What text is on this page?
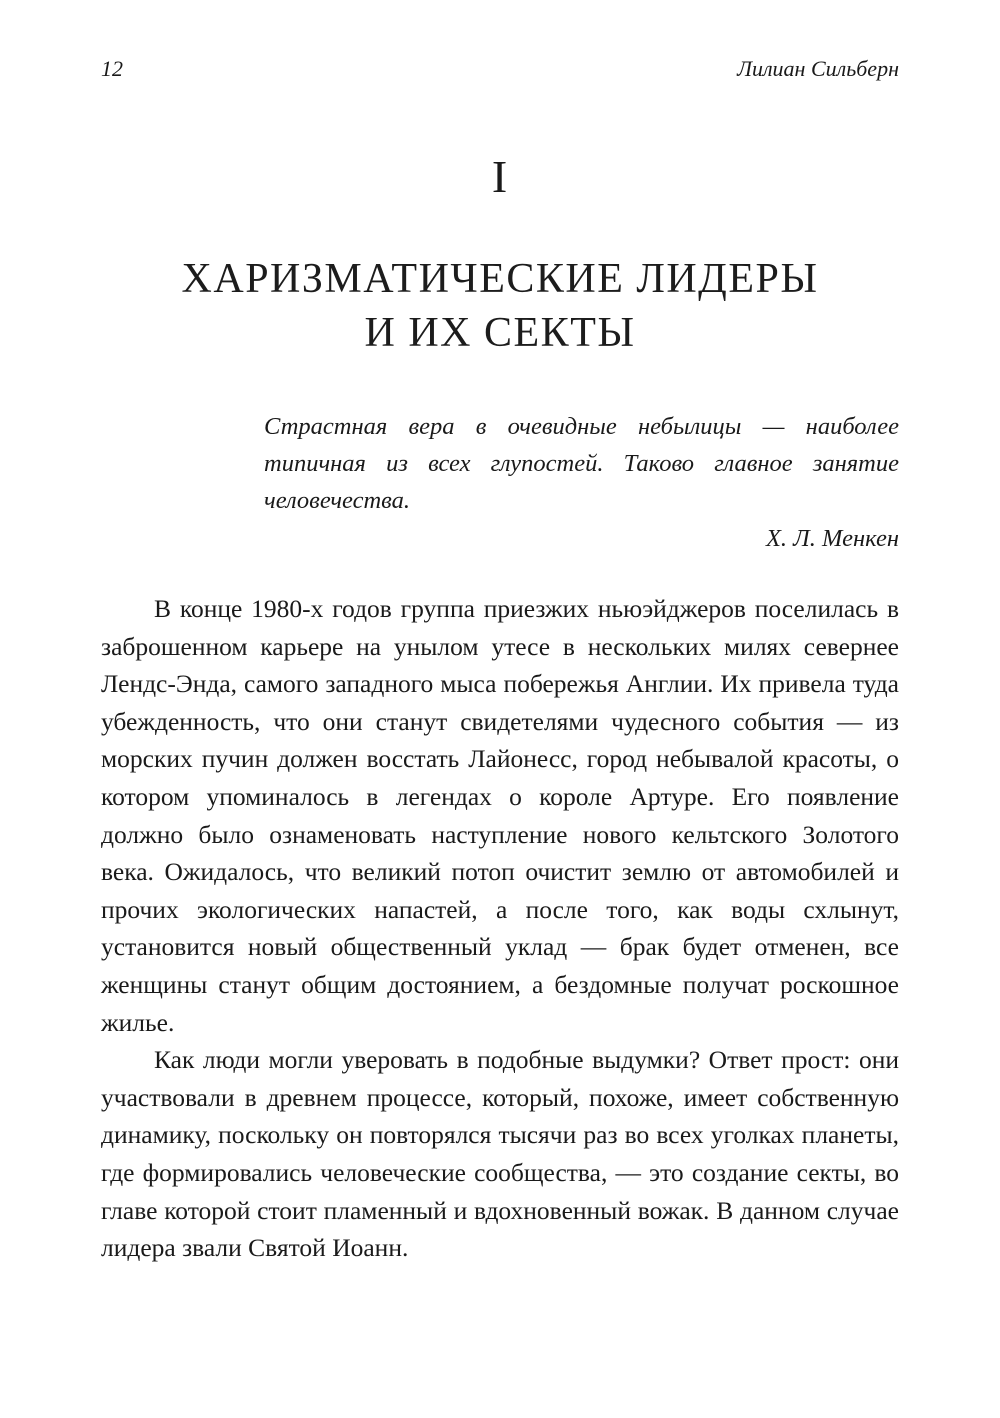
12	Лилиан Сильберн
I
ХАРИЗМАТИЧЕСКИЕ ЛИДЕРЫ
И ИХ СЕКТЫ
Страстная вера в очевидные небылицы — наиболее типичная из всех глупостей. Таково главное занятие человечества.
Х. Л. Менкен

В конце 1980-х годов группа приезжих ньюэйджеров поселилась в заброшенном карьере на унылом утесе в нескольких милях севернее Лендс-Энда, самого западного мыса побережья Англии. Их привела туда убежденность, что они станут свидетелями чудесного события — из морских пучин должен восстать Лайонесс, город небывалой красоты, о котором упоминалось в легендах о короле Артуре. Его появление должно было ознаменовать наступление нового кельтского Золотого века. Ожидалось, что великий потоп очистит землю от автомобилей и прочих экологических напастей, а после того, как воды схлынут, установится новый общественный уклад — брак будет отменен, все женщины станут общим достоянием, а бездомные получат роскошное жилье.

Как люди могли уверовать в подобные выдумки? Ответ прост: они участвовали в древнем процессе, который, похоже, имеет собственную динамику, поскольку он повторялся тысячи раз во всех уголках планеты, где формировались человеческие сообщества, — это создание секты, во главе которой стоит пламенный и вдохновенный вожак. В данном случае лидера звали Святой Иоанн.
